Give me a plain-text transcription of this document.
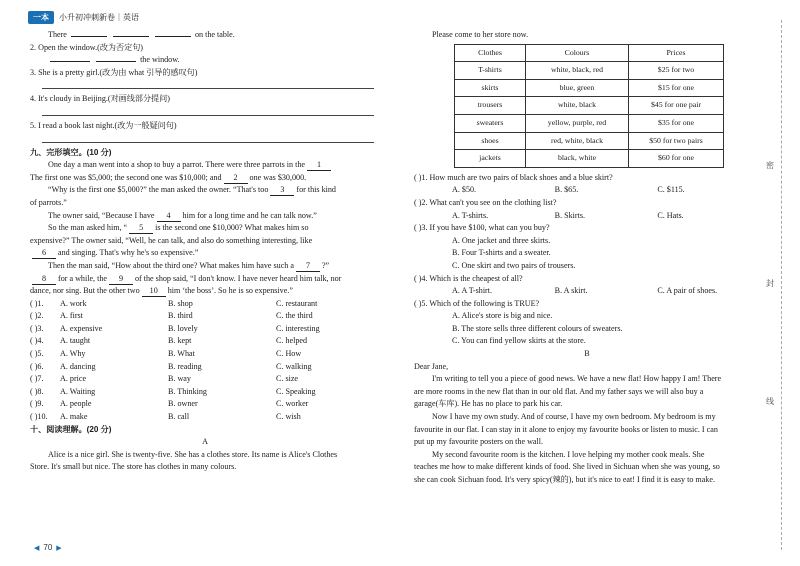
一本	小升初冲刺新卷｜英语
There	on the table.
2. Open the window.(改为否定句)
the window.
3. She is a pretty girl.(改为由 what 引导的感叹句)
4. It's cloudy in Beijing.(对画线部分提问)
5. I read a book last night.(改为一般疑问句)
九、完形填空。(10 分)
One day a man went into a shop to buy a parrot. There were three parrots in the 1
The first one was $5,000; the second one was $10,000; and 2 one was $30,000.
“Why is the first one $5,000?” the man asked the owner. “That's too 3 for this kind
of parrots.”
The owner said, “Because I have 4 him for a long time and he can talk now.”
So the man asked him, “ 5 is the second one $10,000? What makes him so
expensive?” The owner said, “Well, he can talk, and also do something interesting, like
6 and singing. That's why he's so expensive.”
Then the man said, “How about the third one? What makes him have such a 7 ?”
8 for a while, the 9 of the shop said, “I don't know. I have never heard him talk, nor
dance, nor sing. But the other two 10 him ‘the boss’. So he is so expensive.”
( )1.	A. work	B. shop	C. restaurant
( )2.	A. first	B. third	C. the third
( )3.	A. expensive	B. lovely	C. interesting
( )4.	A. taught	B. kept	C. helped
( )5.	A. Why	B. What	C. How
( )6.	A. dancing	B. reading	C. walking
( )7.	A. price	B. way	C. size
( )8.	A. Waiting	B. Thinking	C. Speaking
( )9.	A. people	B. owner	C. worker
( )10.	A. make	B. call	C. wish
十、阅读理解。(20 分)
A
Alice is a nice girl. She is twenty-five. She has a clothes store. Its name is Alice's Clothes
Store. It's small but nice. The store has clothes in many colours.
Please come to her store now.
Clothes	Colours	Prices
T-shirts	white, black, red	$25 for two
skirts	blue, green	$15 for one
trousers	white, black	$45 for one pair
sweaters	yellow, purple, red	$35 for one
shoes	red, white, black	$50 for two pairs
jackets	black, white	$60 for one
( )1. How much are two pairs of black shoes and a blue skirt?
A. $50.	B. $65.	C. $115.
( )2. What can't you see on the clothing list?
A. T-shirts.	B. Skirts.	C. Hats.
( )3. If you have $100, what can you buy?
A. One jacket and three skirts.
B. Four T-shirts and a sweater.
C. One skirt and two pairs of trousers.
( )4. Which is the cheapest of all?
A. A T-shirt.	B. A skirt.	C. A pair of shoes.
( )5. Which of the following is TRUE?
A. Alice's store is big and nice.
B. The store sells three different colours of sweaters.
C. You can find yellow skirts at the store.
B
Dear Jane,
I'm writing to tell you a piece of good news. We have a new flat! How happy I am! There
are more rooms in the new flat than in our old flat. And my father says we will also buy a
garage(车库). He has no place to park his car.
Now I have my own study. And of course, I have my own bedroom. My bedroom is my
favourite in our flat. I can stay in it alone to enjoy my favourite books or listen to music. I can
put up my favourite posters on the wall.
My second favourite room is the kitchen. I love helping my mother cook meals. She
teaches me how to make different kinds of food. She lived in Sichuan when she was young, so
she can cook Sichuan food. It's very spicy(辣的), but it's nice to eat! I find it is easy to make.
密
封
线
◀ 70 ▶
